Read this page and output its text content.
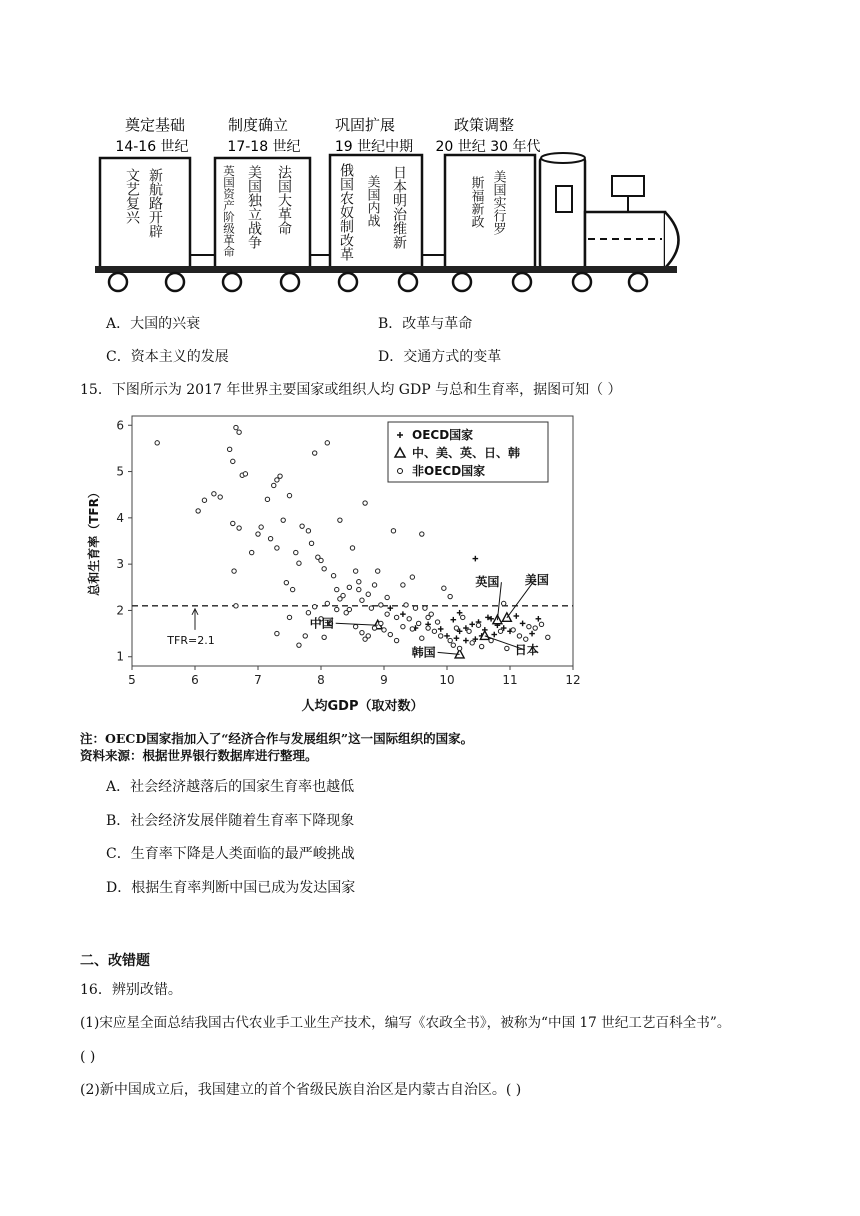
奠定基础
14-16 世纪
制度确立
17-18 世纪
巩固扩展
19 世纪中期
政策调整
20 世纪 30 年代
新航路开辟
文艺复兴	法国大革命
美国独立战争
英国资产阶级革命	日本明治维新
美国内战
俄国农奴制改革	美国实行罗
斯福新政
A．大国的兴衰	B．改革与革命
C．资本主义的发展	D．交通方式的变革
15．下图所示为 2017 年世界主要国家或组织人均 GDP 与总和生育率，据图可知（ ）
5	6	7	8	9	10	11	12
1
2
3
4
5
6
人均GDP（取对数）
总和生育率（TFR）
TFR=2.1
中国
英国 美国
日本
韩国
OECD国家
中、美、英、日、韩
非OECD国家
注：OECD国家指加入了“经济合作与发展组织”这一国际组织的国家。
资料来源：根据世界银行数据库进行整理。
A．社会经济越落后的国家生育率也越低
B．社会经济发展伴随着生育率下降现象
C．生育率下降是人类面临的最严峻挑战
D．根据生育率判断中国已成为发达国家
二、改错题
16．辨别改错。
(1)宋应星全面总结我国古代农业手工业生产技术，编写《农政全书》，被称为“中国 17 世纪工艺百科全书”。
( )
(2)新中国成立后，我国建立的首个省级民族自治区是内蒙古自治区。( )
